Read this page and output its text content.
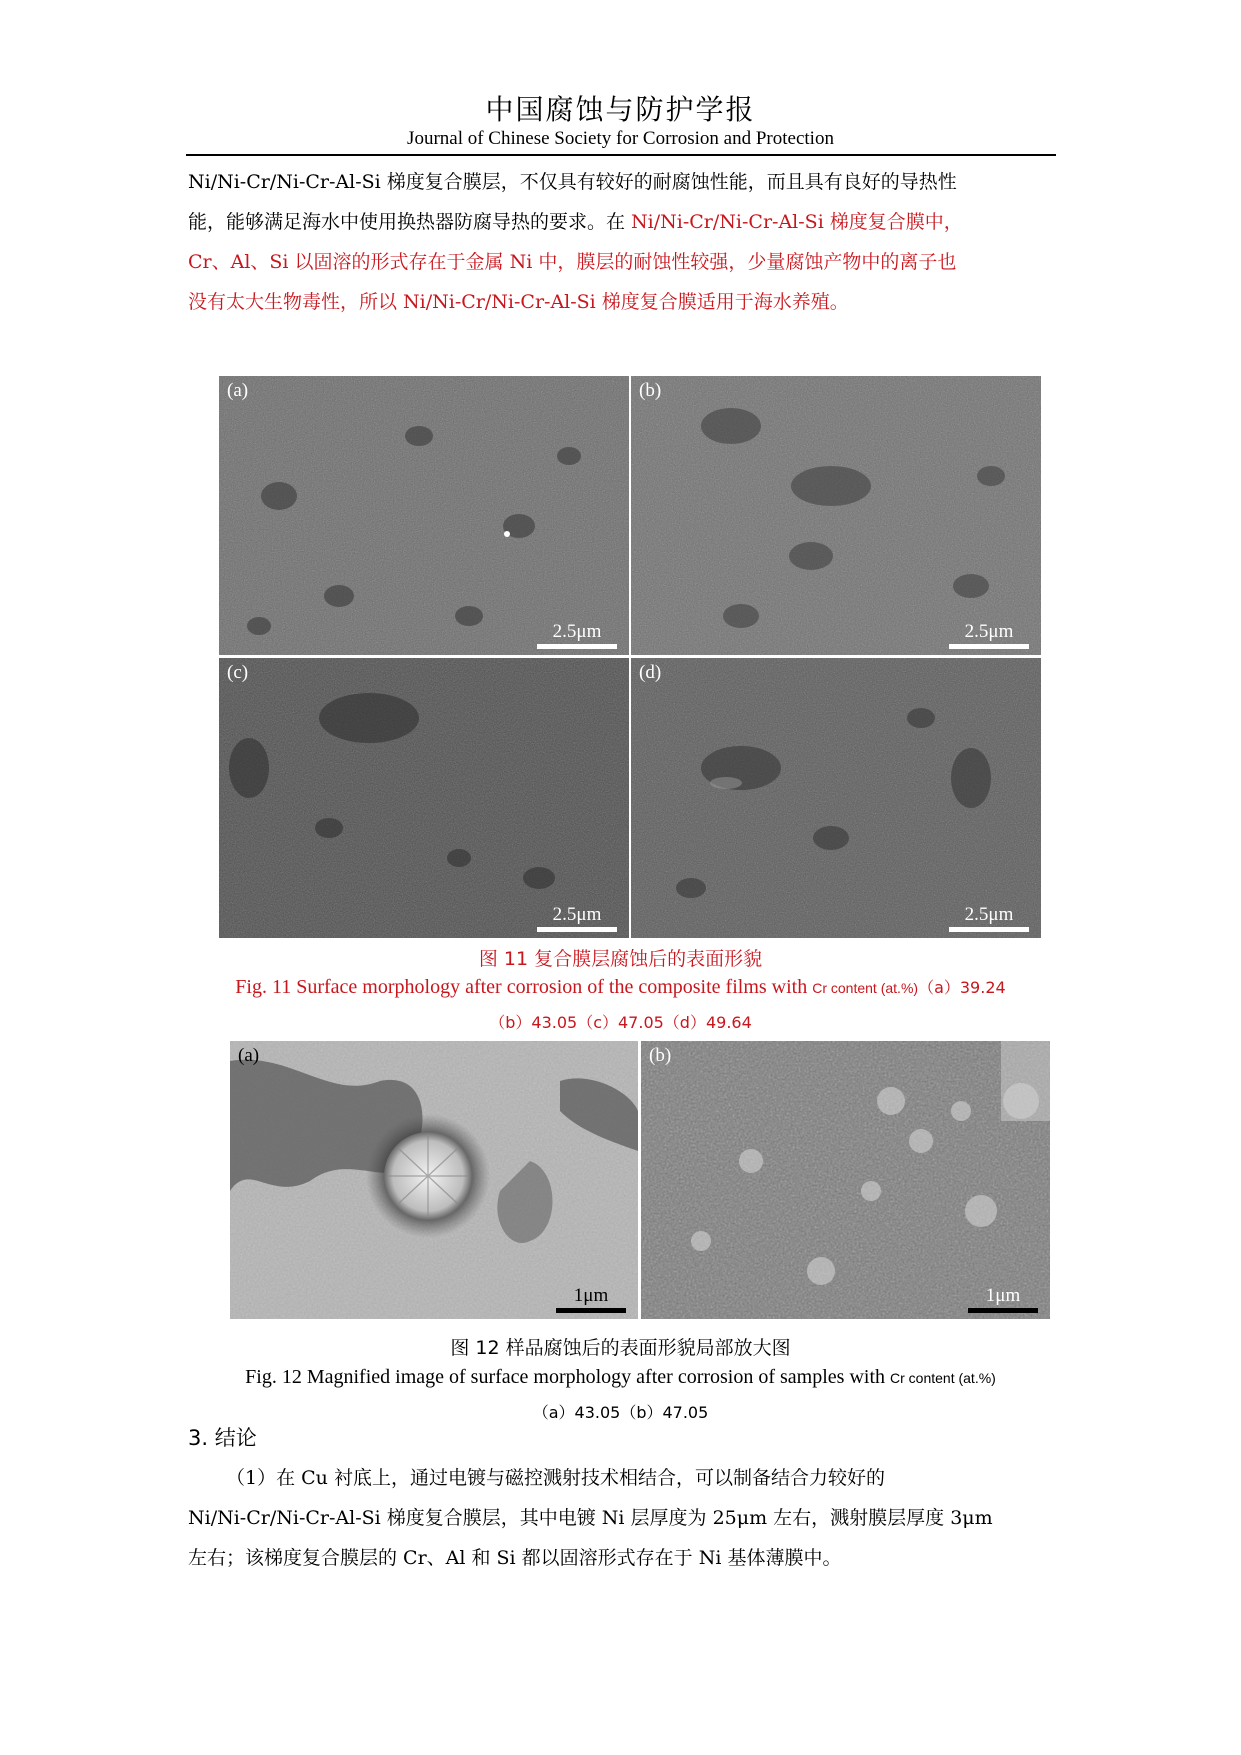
中国腐蚀与防护学报
Journal of Chinese Society for Corrosion and Protection
Ni/Ni-Cr/Ni-Cr-Al-Si 梯度复合膜层，不仅具有较好的耐腐蚀性能，而且具有良好的导热性
能，能够满足海水中使用换热器防腐导热的要求。在 Ni/Ni-Cr/Ni-Cr-Al-Si 梯度复合膜中，
Cr、Al、Si 以固溶的形式存在于金属 Ni 中，膜层的耐蚀性较强，少量腐蚀产物中的离子也
没有太大生物毒性，所以 Ni/Ni-Cr/Ni-Cr-Al-Si 梯度复合膜适用于海水养殖。
(a)
2.5μm
(b)
2.5μm
(c)
2.5μm
(d)
2.5μm
图 11 复合膜层腐蚀后的表面形貌
Fig. 11 Surface morphology after corrosion of the composite films with Cr content (at.%)（a）39.24
（b）43.05（c）47.05（d）49.64
(a)
1μm
(b)
1μm
图 12 样品腐蚀后的表面形貌局部放大图
Fig. 12 Magnified image of surface morphology after corrosion of samples with Cr content (at.%)
（a）43.05（b）47.05
3. 结论
（1）在 Cu 衬底上，通过电镀与磁控溅射技术相结合，可以制备结合力较好的
Ni/Ni-Cr/Ni-Cr-Al-Si 梯度复合膜层，其中电镀 Ni 层厚度为 25μm 左右，溅射膜层厚度 3μm
左右；该梯度复合膜层的 Cr、Al 和 Si 都以固溶形式存在于 Ni 基体薄膜中。
